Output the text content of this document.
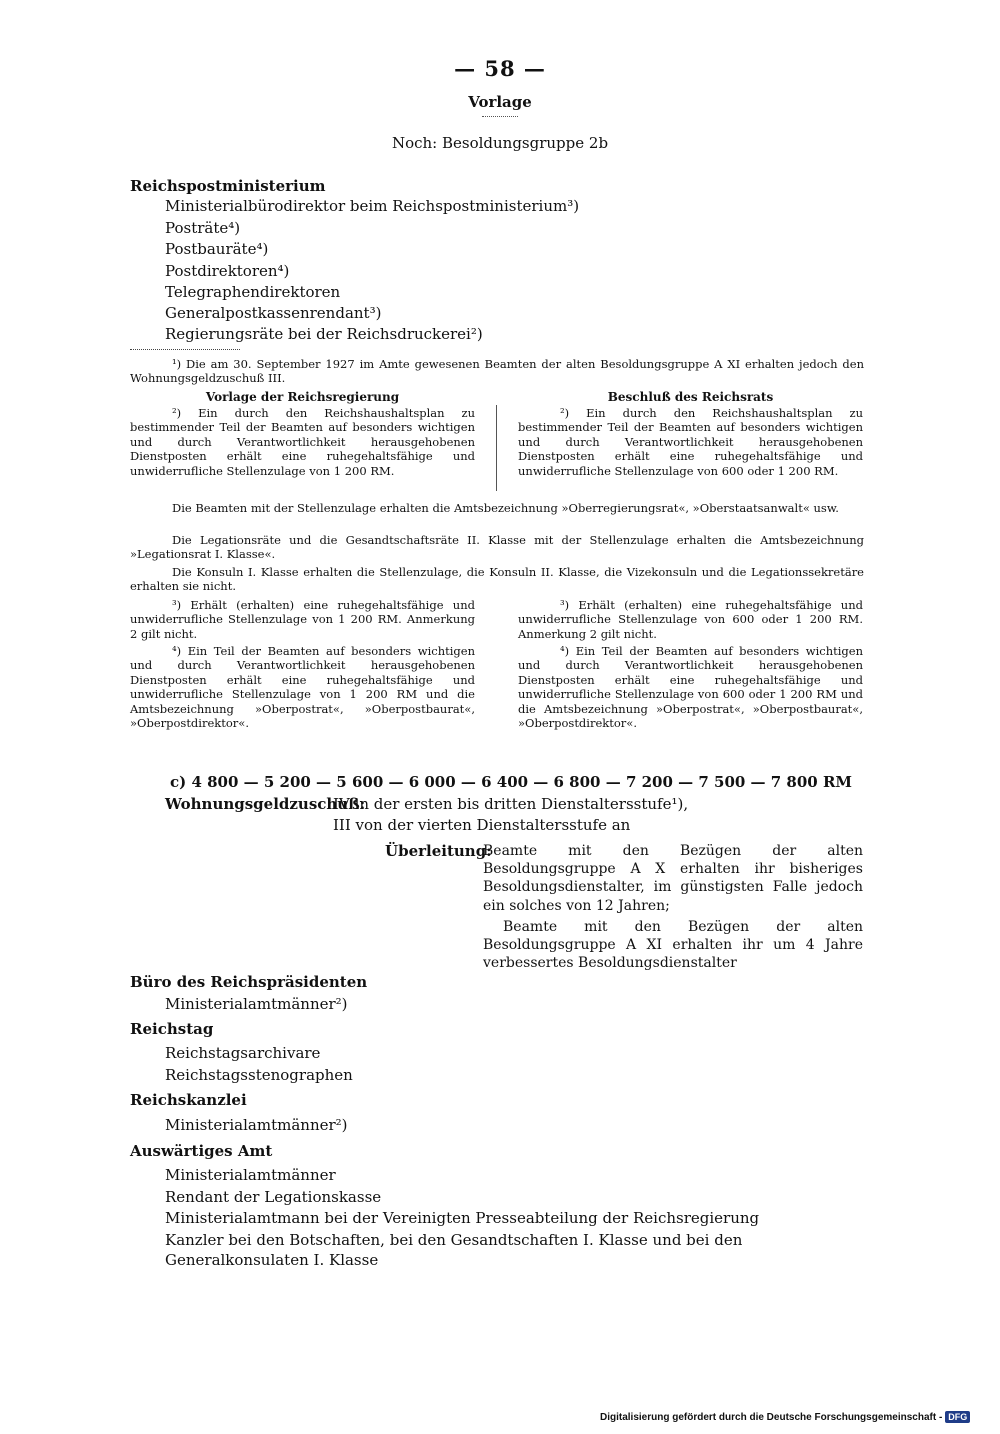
— 58 —
Vorlage
Noch: Besoldungsgruppe 2b
Reichspostministerium
Ministerialbürodirektor beim Reichspostministerium³)
Posträte⁴)
Postbauräte⁴)
Postdirektoren⁴)
Telegraphendirektoren
Generalpostkassenrendant³)
Regierungsräte bei der Reichsdruckerei²)
¹) Die am 30. September 1927 im Amte gewesenen Beamten der alten Besoldungsgruppe A XI erhalten jedoch den Wohnungsgeldzuschuß III.
Vorlage der Reichsregierung	Beschluß des Reichsrats
²) Ein durch den Reichshaushaltsplan zu bestimmender Teil der Beamten auf besonders wichtigen und durch Verantwortlichkeit herausgehobenen Dienstposten erhält eine ruhegehaltsfähige und unwiderrufliche Stellenzulage von 1 200 RM.
²) Ein durch den Reichshaushaltsplan zu bestimmender Teil der Beamten auf besonders wichtigen und durch Verantwortlichkeit herausgehobenen Dienstposten erhält eine ruhegehaltsfähige und unwiderrufliche Stellenzulage von 600 oder 1 200 RM.
Die Beamten mit der Stellenzulage erhalten die Amtsbezeichnung »Oberregierungsrat«, »Oberstaatsanwalt« usw.
Die Legationsräte und die Gesandtschaftsräte II. Klasse mit der Stellenzulage erhalten die Amtsbezeichnung »Legationsrat I. Klasse«.
Die Konsuln I. Klasse erhalten die Stellenzulage, die Konsuln II. Klasse, die Vizekonsuln und die Legationssekretäre erhalten sie nicht.
³) Erhält (erhalten) eine ruhegehaltsfähige und unwiderrufliche Stellenzulage von 1 200 RM. Anmerkung 2 gilt nicht.
³) Erhält (erhalten) eine ruhegehaltsfähige und unwiderrufliche Stellenzulage von 600 oder 1 200 RM. Anmerkung 2 gilt nicht.
⁴) Ein Teil der Beamten auf besonders wichtigen und durch Verantwortlichkeit herausgehobenen Dienstposten erhält eine ruhegehaltsfähige und unwiderrufliche Stellenzulage von 1 200 RM und die Amtsbezeichnung »Oberpostrat«, »Oberpostbaurat«, »Oberpostdirektor«.
⁴) Ein Teil der Beamten auf besonders wichtigen und durch Verantwortlichkeit herausgehobenen Dienstposten erhält eine ruhegehaltsfähige und unwiderrufliche Stellenzulage von 600 oder 1 200 RM und die Amtsbezeichnung »Oberpostrat«, »Oberpostbaurat«, »Oberpostdirektor«.
c) 4 800 — 5 200 — 5 600 — 6 000 — 6 400 — 6 800 — 7 200 — 7 500 — 7 800 RM
Wohnungsgeldzuschuß:
IV in der ersten bis dritten Dienstaltersstufe¹),
III von der vierten Dienstaltersstufe an
Überleitung:
Beamte mit den Bezügen der alten Besoldungsgruppe A X erhalten ihr bisheriges Besoldungsdienstalter, im günstigsten Falle jedoch ein solches von 12 Jahren;
Beamte mit den Bezügen der alten Besoldungsgruppe A XI erhalten ihr um 4 Jahre verbessertes Besoldungsdienstalter
Büro des Reichspräsidenten
Ministerialamtmänner²)
Reichstag
Reichstagsarchivare
Reichstagsstenographen
Reichskanzlei
Ministerialamtmänner²)
Auswärtiges Amt
Ministerialamtmänner
Rendant der Legationskasse
Ministerialamtmann bei der Vereinigten Presseabteilung der Reichsregierung
Kanzler bei den Botschaften, bei den Gesandtschaften I. Klasse und bei den Generalkonsulaten I. Klasse
Digitalisierung gefördert durch die Deutsche Forschungsgemeinschaft - DFG
